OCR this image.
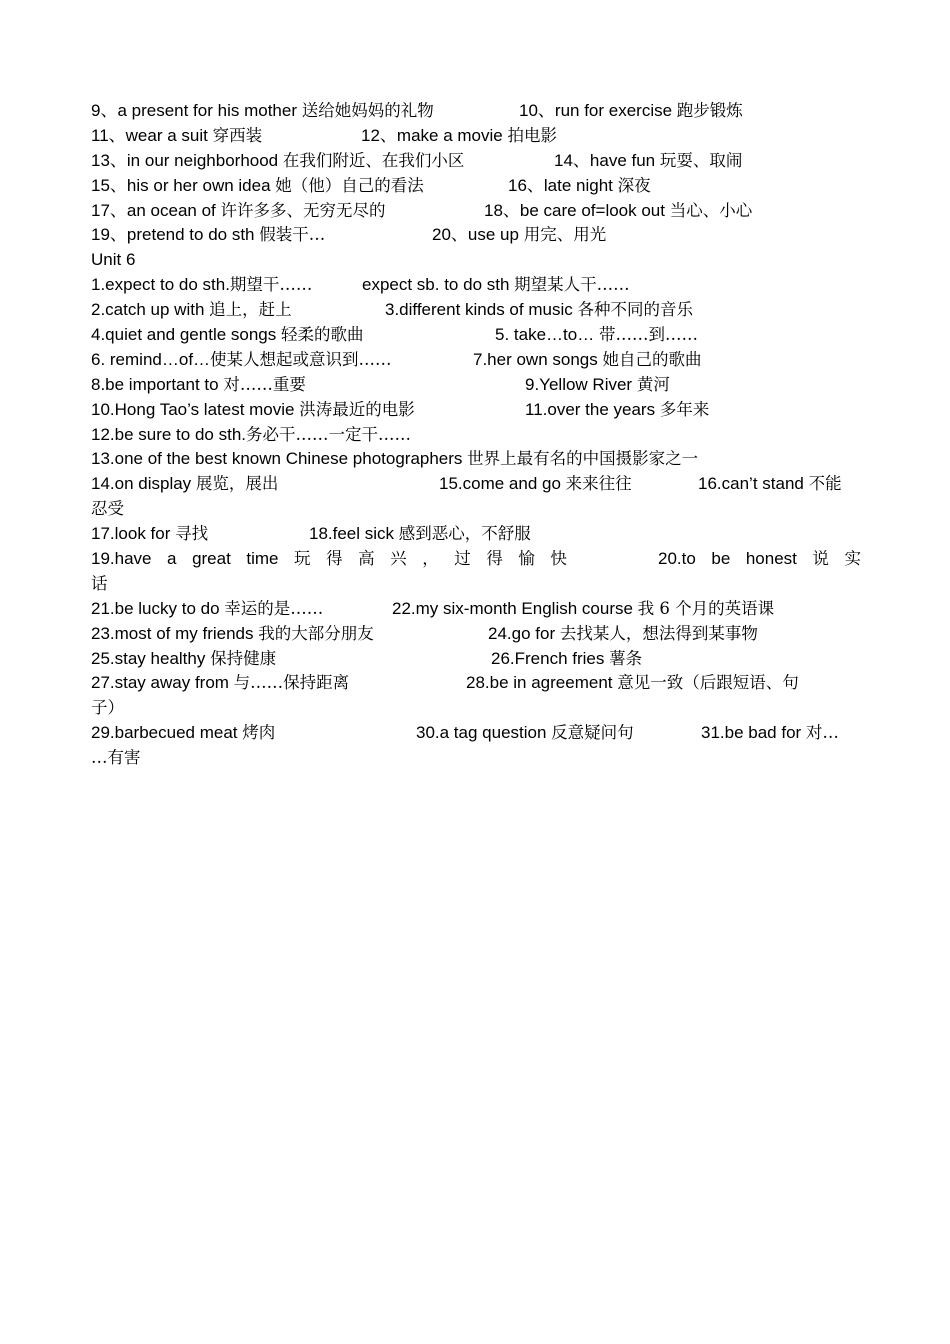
9、a present for his mother 送给她妈妈的礼物	10、run for exercise 跑步锻炼
11、wear a suit 穿西装	12、make a movie 拍电影
13、in our neighborhood 在我们附近、在我们小区	14、have fun 玩耍、取闹
15、his or her own idea 她（他）自己的看法	16、late night 深夜
17、an ocean of 许许多多、无穷无尽的	18、be care of=look out 当心、小心
19、pretend to do sth 假装干…	20、use up 用完、用光
Unit 6
1.expect to do sth.期望干……	expect sb. to do sth 期望某人干……
2.catch up with 追上，赶上	3.different kinds of music 各种不同的音乐
4.quiet and gentle songs 轻柔的歌曲	5. take…to… 带……到……
6. remind…of…使某人想起或意识到……	7.her own songs 她自己的歌曲
8.be important to 对……重要	9.Yellow River 黄河
10.Hong Tao’s latest movie 洪涛最近的电影	11.over the years 多年来
12.be sure to do sth.务必干……一定干……
13.one of the best known Chinese photographers 世界上最有名的中国摄影家之一
14.on display 展览，展出	15.come and go 来来往往	16.can’t stand 不能
忍受
17.look for 寻找	18.feel sick 感到恶心，不舒服
19.have a great time 玩 得 高 兴 ， 过 得 愉 快	20.to be honest 说 实
话
21.be lucky to do 幸运的是……	22.my six-month English course 我 6 个月的英语课
23.most of my friends 我的大部分朋友	24.go for 去找某人，想法得到某事物
25.stay healthy 保持健康	26.French fries 薯条
27.stay away from 与……保持距离	28.be in agreement 意见一致（后跟短语、句
子）
29.barbecued meat 烤肉	30.a tag question 反意疑问句	31.be bad for 对…
…有害
